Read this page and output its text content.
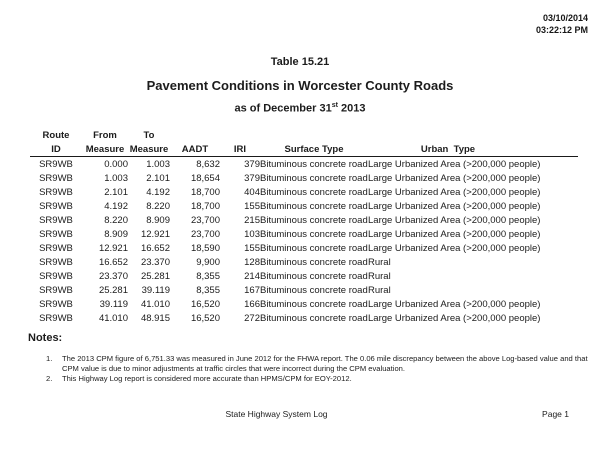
03/10/2014
03:22:12 PM
Table 15.21
Pavement Conditions in Worcester County Roads
as of December 31st 2013
Route	From	To				
ID	Measure	Measure	AADT	IRI	Surface Type	Urban  Type
SR9WB	0.000	1.003	8,632	379	Bituminous concrete road	Large Urbanized Area (>200,000 people)
SR9WB	1.003	2.101	18,654	379	Bituminous concrete road	Large Urbanized Area (>200,000 people)
SR9WB	2.101	4.192	18,700	404	Bituminous concrete road	Large Urbanized Area (>200,000 people)
SR9WB	4.192	8.220	18,700	155	Bituminous concrete road	Large Urbanized Area (>200,000 people)
SR9WB	8.220	8.909	23,700	215	Bituminous concrete road	Large Urbanized Area (>200,000 people)
SR9WB	8.909	12.921	23,700	103	Bituminous concrete road	Large Urbanized Area (>200,000 people)
SR9WB	12.921	16.652	18,590	155	Bituminous concrete road	Large Urbanized Area (>200,000 people)
SR9WB	16.652	23.370	9,900	128	Bituminous concrete road	Rural
SR9WB	23.370	25.281	8,355	214	Bituminous concrete road	Rural
SR9WB	25.281	39.119	8,355	167	Bituminous concrete road	Rural
SR9WB	39.119	41.010	16,520	166	Bituminous concrete road	Large Urbanized Area (>200,000 people)
SR9WB	41.010	48.915	16,520	272	Bituminous concrete road	Large Urbanized Area (>200,000 people)
Notes:
1.	The 2013 CPM figure of 6,751.33 was measured in June 2012 for the FHWA report. The 0.06 mile discrepancy between the above Log-based value and that CPM value is due to minor adjustments at traffic circles that were incorrect during the CPM evaluation.
2.	This Highway Log report is considered more accurate than HPMS/CPM for EOY-2012.
State Highway System Log	Page 1
